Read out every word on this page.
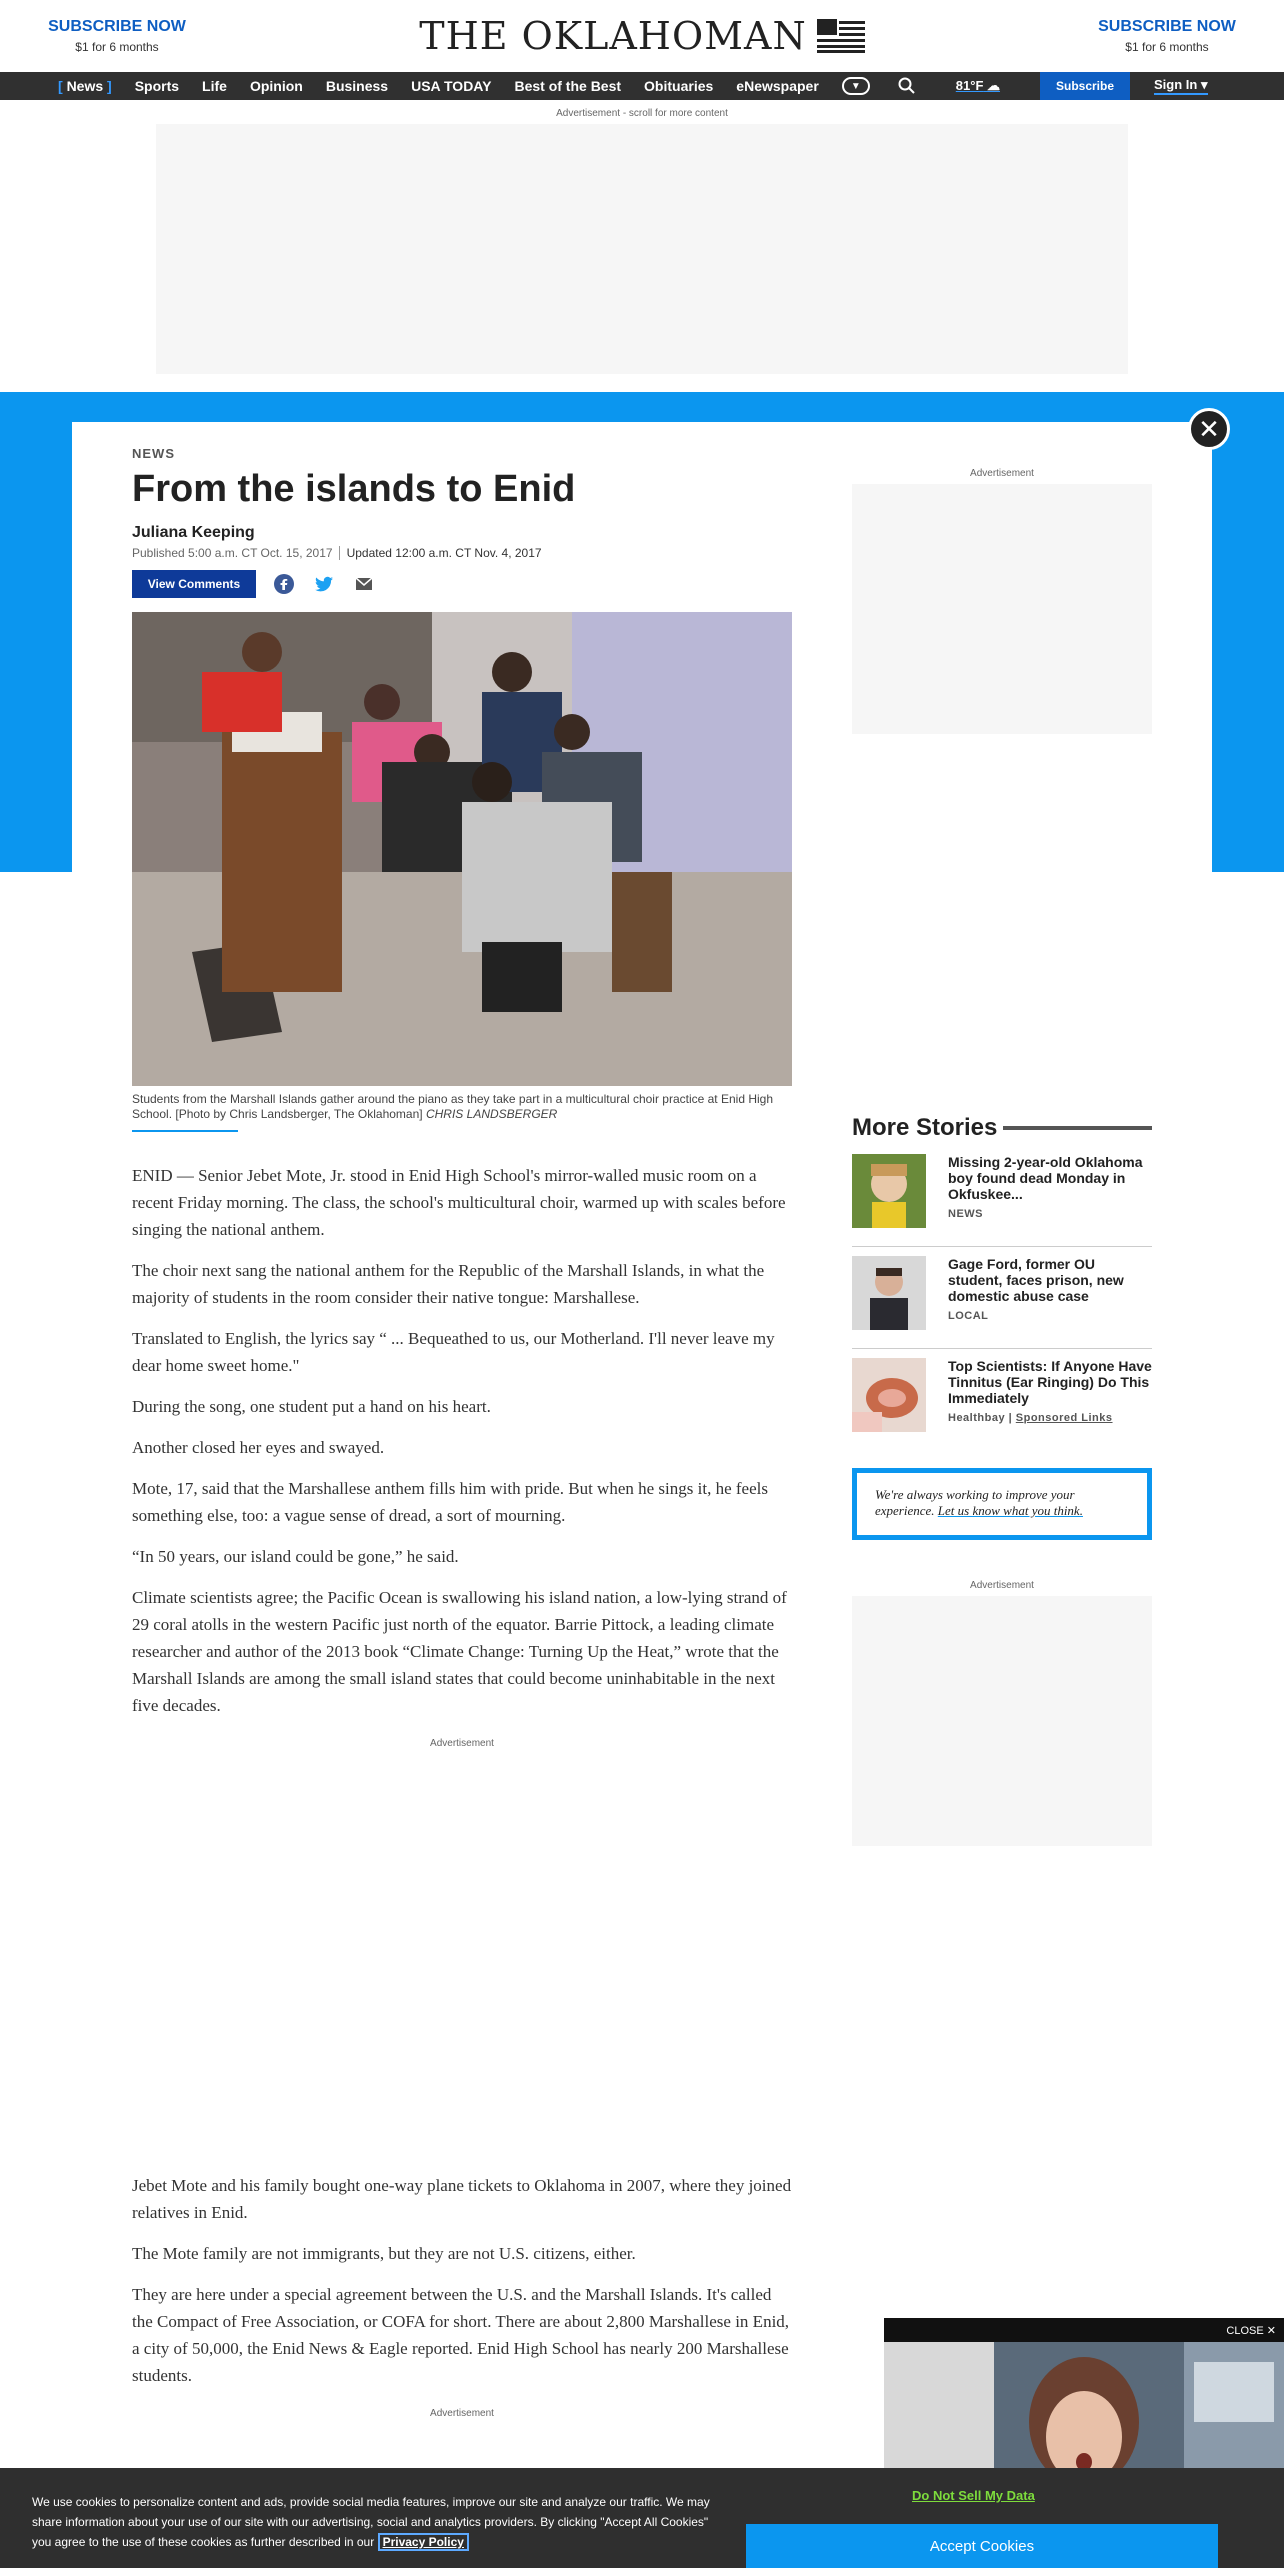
SUBSCRIBE NOW
$1 for 6 months	THE OKLAHOMAN	SUBSCRIBE NOW
$1 for 6 months
[ News ] Sports Life Opinion Business USA TODAY Best of the Best Obituaries eNewspaper	▼	81°F ☁	Subscribe	Sign In ▾
Advertisement - scroll for more content
✕
NEWS
From the islands to Enid
Juliana Keeping
Published 5:00 a.m. CT Oct. 15, 2017 Updated 12:00 a.m. CT Nov. 4, 2017
View Comments
Students from the Marshall Islands gather around the piano as they take part in a multicultural choir practice at Enid High School. [Photo by Chris Landsberger, The Oklahoman] CHRIS LANDSBERGER

ENID — Senior Jebet Mote, Jr. stood in Enid High School's mirror-walled music room on a recent Friday morning. The class, the school's multicultural choir, warmed up with scales before singing the national anthem.

The choir next sang the national anthem for the Republic of the Marshall Islands, in what the majority of students in the room consider their native tongue: Marshallese.

Translated to English, the lyrics say “ ... Bequeathed to us, our Motherland. I'll never leave my dear home sweet home."

During the song, one student put a hand on his heart.

Another closed her eyes and swayed.

Mote, 17, said that the Marshallese anthem fills him with pride. But when he sings it, he feels something else, too: a vague sense of dread, a sort of mourning.

“In 50 years, our island could be gone,” he said.

Climate scientists agree; the Pacific Ocean is swallowing his island nation, a low-lying strand of 29 coral atolls in the western Pacific just north of the equator. Barrie Pittock, a leading climate researcher and author of the 2013 book “Climate Change: Turning Up the Heat,” wrote that the Marshall Islands are among the small island states that could become uninhabitable in the next five decades.

Advertisement

Jebet Mote and his family bought one-way plane tickets to Oklahoma in 2007, where they joined relatives in Enid.

The Mote family are not immigrants, but they are not U.S. citizens, either.

They are here under a special agreement between the U.S. and the Marshall Islands. It's called the Compact of Free Association, or COFA for short. There are about 2,800 Marshallese in Enid, a city of 50,000, the Enid News & Eagle reported. Enid High School has nearly 200 Marshallese students.

Advertisement
Advertisement
More Stories
Missing 2-year-old Oklahoma boy found dead Monday in Okfuskee...
NEWS
Gage Ford, former OU student, faces prison, new domestic abuse case
LOCAL
Top Scientists: If Anyone Have Tinnitus (Ear Ringing) Do This Immediately
Healthbay | Sponsored Links
We're always working to improve your experience. Let us know what you think.
Advertisement
CLOSE ✕
We use cookies to personalize content and ads, provide social media features, improve our site and analyze our traffic. We may share information about your use of our site with our advertising, social and analytics providers. By clicking "Accept All Cookies" you agree to the use of these cookies as further described in our Privacy Policy
Do Not Sell My Data
Accept Cookies
